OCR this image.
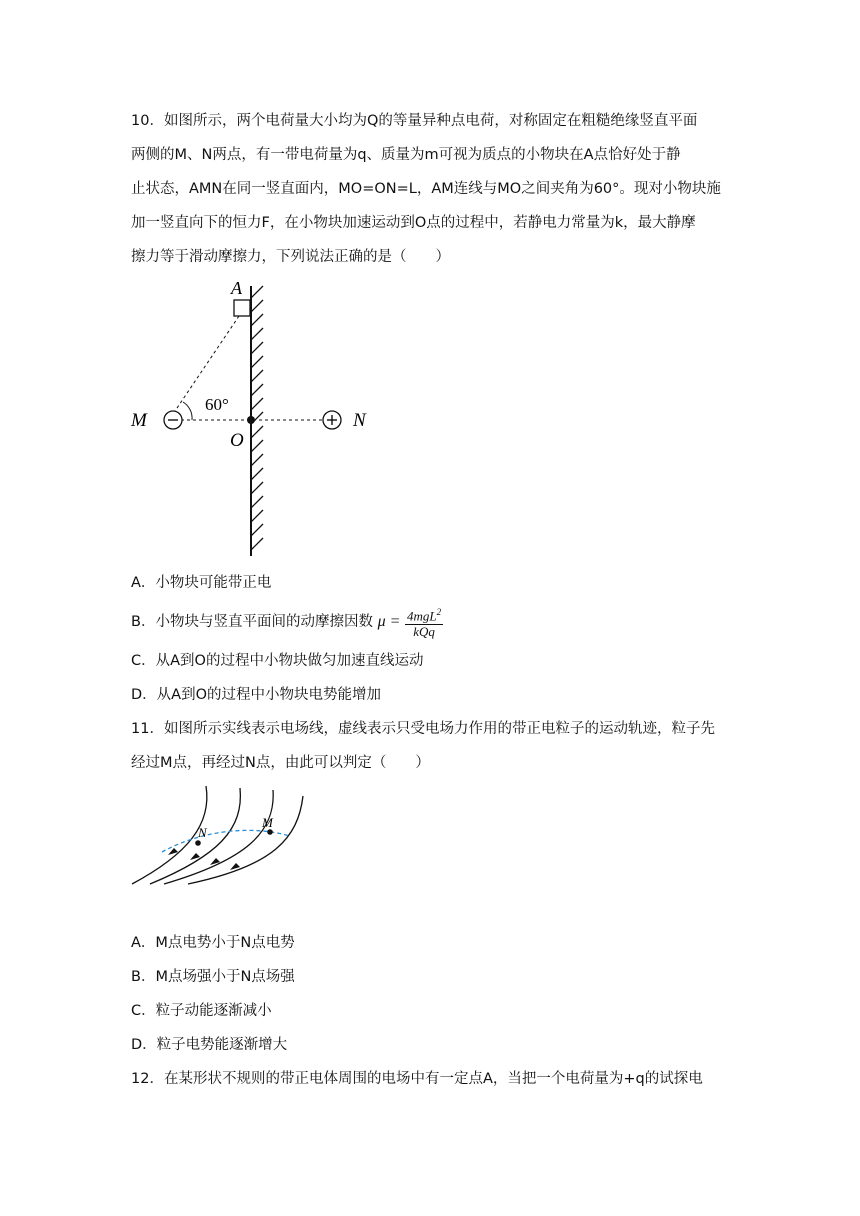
10．如图所示，两个电荷量大小均为Q的等量异种点电荷，对称固定在粗糙绝缘竖直平面
两侧的M、N两点，有一带电荷量为q、质量为m可视为质点的小物块在A点恰好处于静
止状态，AMN在同一竖直面内，MO=ON=L，AM连线与MO之间夹角为60°。现对小物块施
加一竖直向下的恒力F，在小物块加速运动到O点的过程中，若静电力常量为k，最大静摩
擦力等于滑动摩擦力，下列说法正确的是（　　）
A
60°
M
O
N
A．小物块可能带正电
B．小物块与竖直平面间的动摩擦因数 $\mu = \frac{4mgL^2}{\text{kQq}}$
C．从A到O的过程中小物块做匀加速直线运动
D．从A到O的过程中小物块电势能增加
11．如图所示实线表示电场线，虚线表示只受电场力作用的带正电粒子的运动轨迹，粒子先
经过M点，再经过N点，由此可以判定（　　）
N
M
A．M点电势小于N点电势
B．M点场强小于N点场强
C．粒子动能逐渐减小
D．粒子电势能逐渐增大
12．在某形状不规则的带正电体周围的电场中有一定点A，当把一个电荷量为+q的试探电
